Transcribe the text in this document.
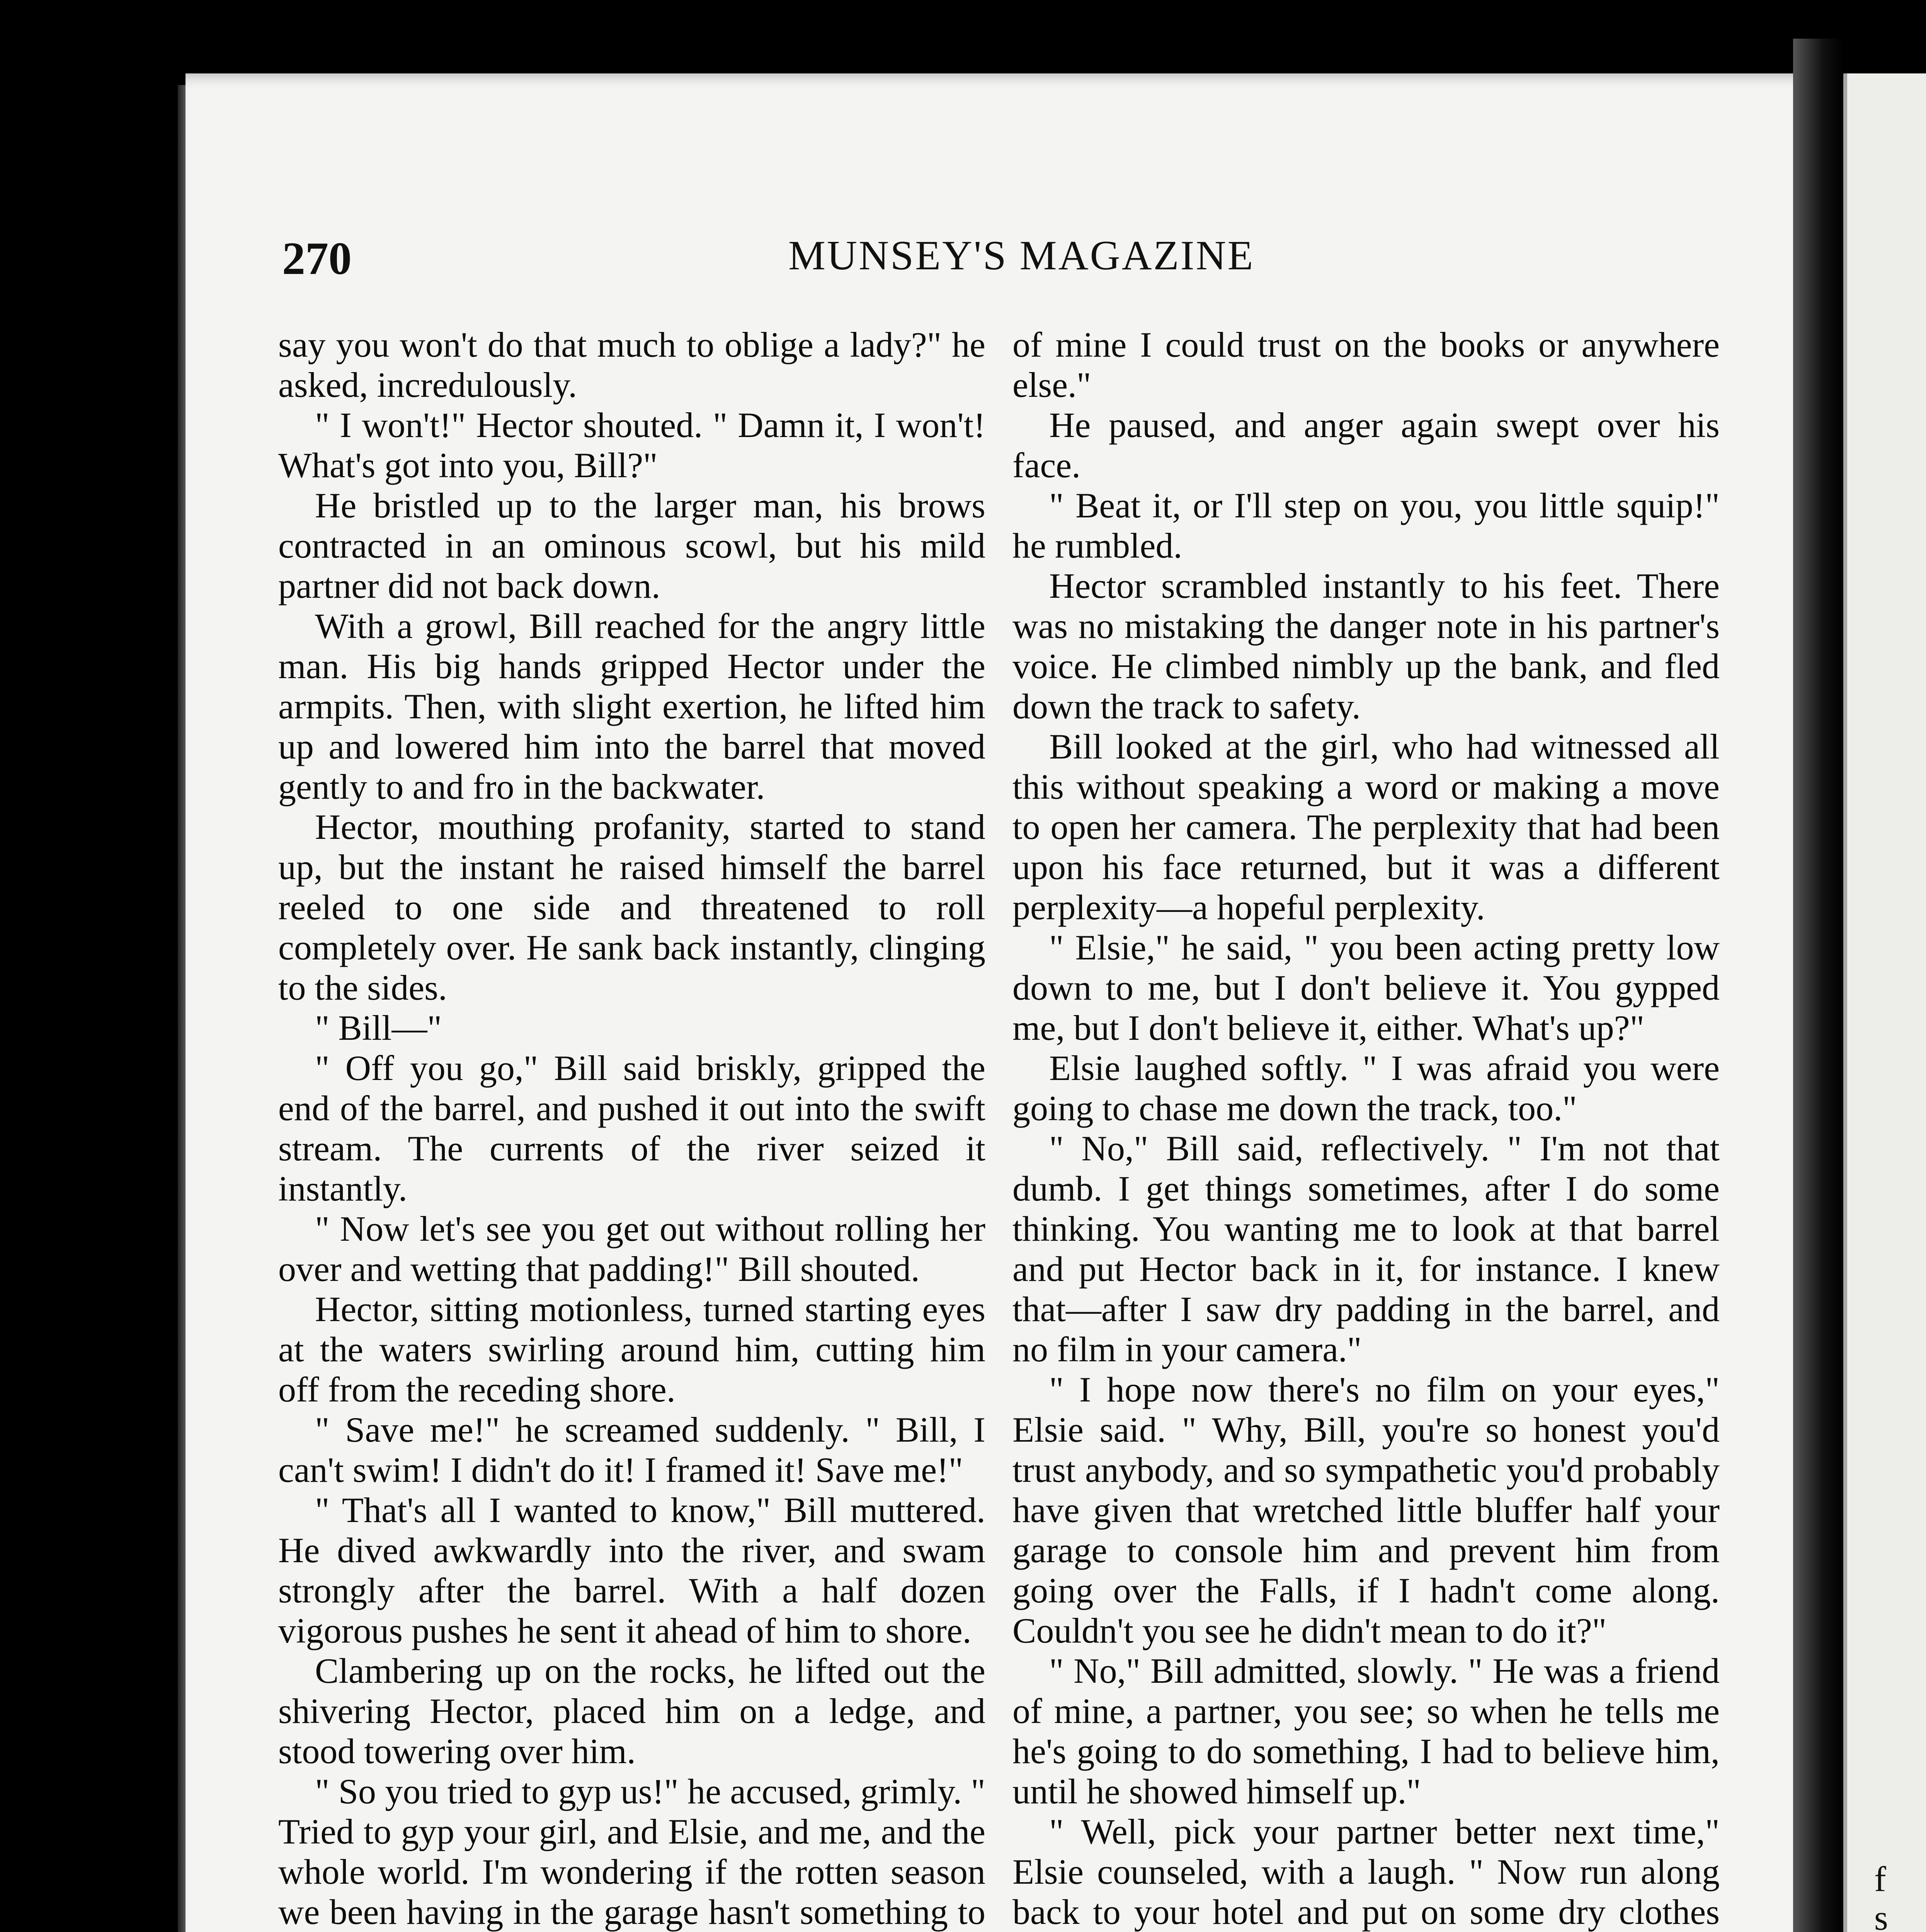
f
s
270	MUNSEY'S MAGAZINE

say you won't do that much to oblige a lady?" he asked, incredulously.

" I won't!" Hector shouted. " Damn it, I won't! What's got into you, Bill?"

He bristled up to the larger man, his brows contracted in an ominous scowl, but his mild partner did not back down.

With a growl, Bill reached for the angry little man. His big hands gripped Hector under the armpits. Then, with slight exertion, he lifted him up and lowered him into the barrel that moved gently to and fro in the backwater.

Hector, mouthing profanity, started to stand up, but the instant he raised himself the barrel reeled to one side and threatened to roll completely over. He sank back instantly, clinging to the sides.

" Bill—"

" Off you go," Bill said briskly, gripped the end of the barrel, and pushed it out into the swift stream. The currents of the river seized it instantly.

" Now let's see you get out without rolling her over and wetting that padding!" Bill shouted.

Hector, sitting motionless, turned starting eyes at the waters swirling around him, cutting him off from the receding shore.

" Save me!" he screamed suddenly. " Bill, I can't swim! I didn't do it! I framed it! Save me!"

" That's all I wanted to know," Bill muttered. He dived awkwardly into the river, and swam strongly after the barrel. With a half dozen vigorous pushes he sent it ahead of him to shore.

Clambering up on the rocks, he lifted out the shivering Hector, placed him on a ledge, and stood towering over him.

" So you tried to gyp us!" he accused, grimly. " Tried to gyp your girl, and Elsie, and me, and the whole world. I'm wondering if the rotten season we been having in the garage hasn't something to

of mine I could trust on the books or anywhere else."

He paused, and anger again swept over his face.

" Beat it, or I'll step on you, you little squip!" he rumbled.

Hector scrambled instantly to his feet. There was no mistaking the danger note in his partner's voice. He climbed nimbly up the bank, and fled down the track to safety.

Bill looked at the girl, who had witnessed all this without speaking a word or making a move to open her camera. The perplexity that had been upon his face returned, but it was a different perplexity—a hopeful perplexity.

" Elsie," he said, " you been acting pretty low down to me, but I don't believe it. You gypped me, but I don't believe it, either. What's up?"

Elsie laughed softly. " I was afraid you were going to chase me down the track, too."

" No," Bill said, reflectively. " I'm not that dumb. I get things sometimes, after I do some thinking. You wanting me to look at that barrel and put Hector back in it, for instance. I knew that—after I saw dry padding in the barrel, and no film in your camera."

" I hope now there's no film on your eyes," Elsie said. " Why, Bill, you're so honest you'd trust anybody, and so sympathetic you'd probably have given that wretched little bluffer half your garage to console him and prevent him from going over the Falls, if I hadn't come along. Couldn't you see he didn't mean to do it?"

" No," Bill admitted, slowly. " He was a friend of mine, a partner, you see; so when he tells me he's going to do something, I had to believe him, until he showed himself up."

" Well, pick your partner better next time," Elsie counseled, with a laugh. " Now run along back to your hotel and put on some dry clothes
